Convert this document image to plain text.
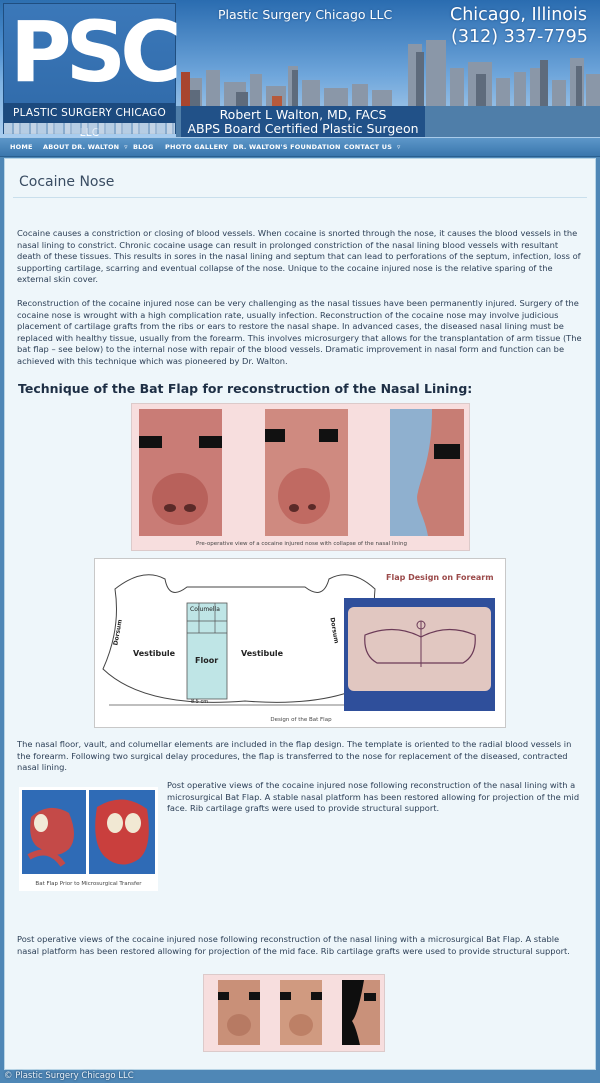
PSC
PLASTIC SURGERY CHICAGO
Plastic Surgery Chicago LLC	Chicago, Illinois
(312) 337-7795
Robert L Walton, MD, FACS
ABPS Board Certified Plastic Surgeon
HOME ABOUT DR. WALTON  ▿ BLOG PHOTO GALLERY DR. WALTON'S FOUNDATION CONTACT US  ▿
Cocaine Nose
Cocaine causes a constriction or closing of blood vessels. When cocaine is snorted through the nose, it causes the blood vessels in the nasal lining to constrict. Chronic cocaine usage can result in prolonged constriction of the nasal lining blood vessels with resultant death of these tissues. This results in sores in the nasal lining and septum that can lead to perforations of the septum, infection, loss of supporting cartilage, scarring and eventual collapse of the nose. Unique to the cocaine injured nose is the relative sparing of the external skin cover.
Reconstruction of the cocaine injured nose can be very challenging as the nasal tissues have been permanently injured. Surgery of the cocaine nose is wrought with a high complication rate, usually infection. Reconstruction of the cocaine nose may involve judicious placement of cartilage grafts from the ribs or ears to restore the nasal shape. In advanced cases, the diseased nasal lining must be replaced with healthy tissue, usually from the forearm. This involves microsurgery that allows for the transplantation of arm tissue (The bat flap – see below) to the internal nose with repair of the blood vessels. Dramatic improvement in nasal form and function can be achieved with this technique which was pioneered by Dr. Walton.
Technique of the Bat Flap for reconstruction of the Nasal Lining:
Pre-operative view of a cocaine injured nose with collapse of the nasal lining
Columella
Floor
Vestibule	Vestibule
Dorsum	Dorsum
8.5 cm
Flap Design on Forearm
Design of the Bat Flap
The nasal floor, vault, and columellar elements are included in the flap design. The template is oriented to the radial blood vessels in the forearm. Following two surgical delay procedures, the flap is transferred to the nose for replacement of the diseased, contracted nasal lining.
Bat Flap Prior to Microsurgical Transfer
Post operative views of the cocaine injured nose following reconstruction of the nasal lining with a microsurgical Bat Flap. A stable nasal platform has been restored allowing for projection of the mid face. Rib cartilage grafts were used to provide structural support.
Post operative views of the cocaine injured nose following reconstruction of the nasal lining with a microsurgical Bat Flap. A stable nasal platform has been restored allowing for projection of the mid face. Rib cartilage grafts were used to provide structural support.
© Plastic Surgery Chicago LLC
